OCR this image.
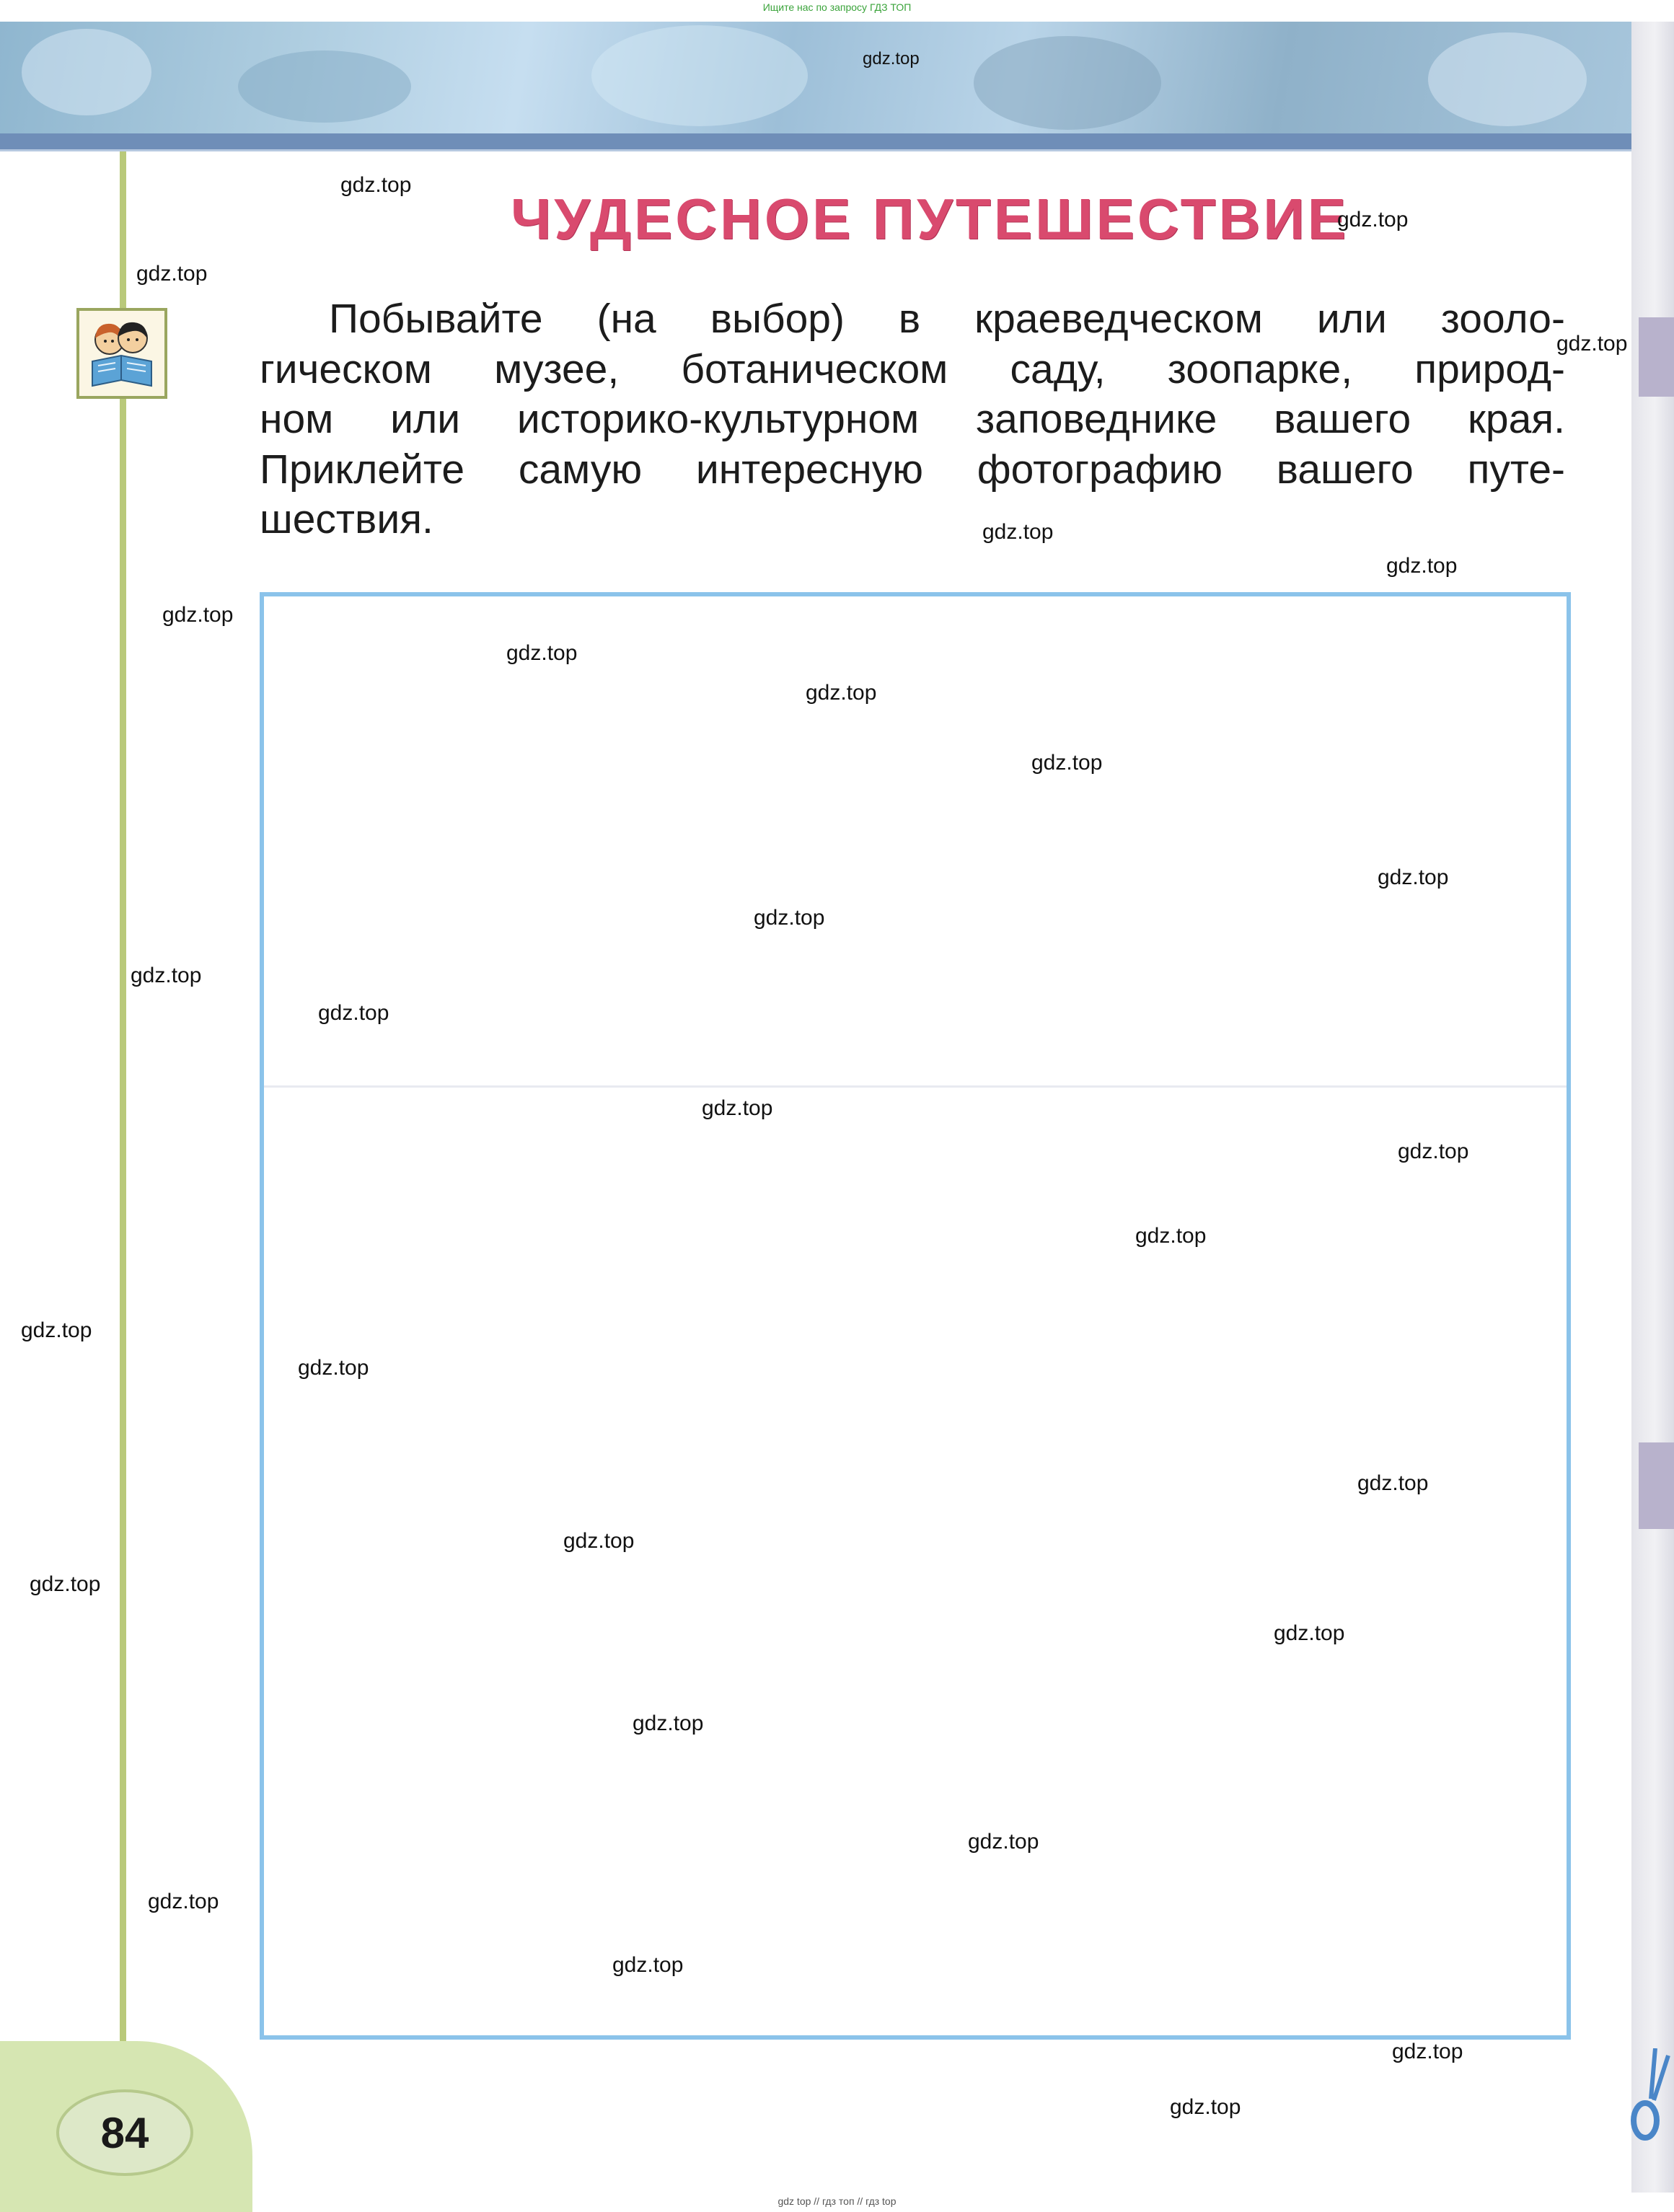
Ищите нас по запросу ГДЗ ТОП
84
ЧУДЕСНОЕ ПУТЕШЕСТВИЕ
Побывайте (на выбор) в краеведческом или зооло-
гическом музее, ботаническом саду, зоопарке, природ-
ном или историко-культурном заповеднике вашего края.
Приклейте самую интересную фотографию вашего путе-
шествия.
gdz.top
gdz.top
gdz.top
gdz.top
gdz.top
gdz.top
gdz.top
gdz.top
gdz.top
gdz.top
gdz.top
gdz.top
gdz.top
gdz.top
gdz.top
gdz.top
gdz.top
gdz.top
gdz.top
gdz.top
gdz.top
gdz.top
gdz.top
gdz.top
gdz.top
gdz.top
gdz.top
gdz.top
gdz.top
gdz.top
gdz top // гдз топ // гдз top
